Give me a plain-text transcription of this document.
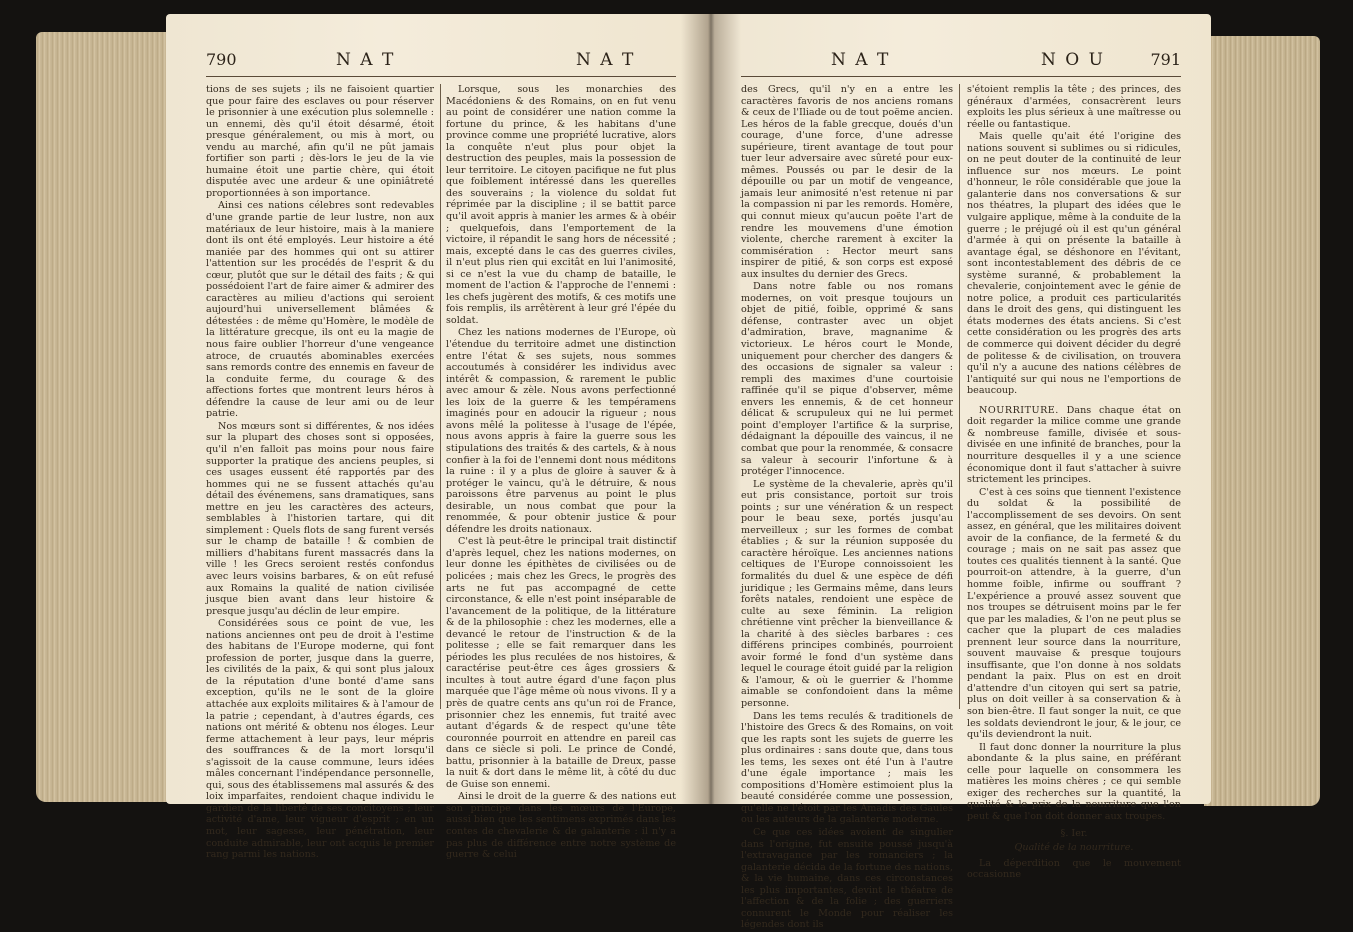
790	N A T	N A T

tions de ses sujets ; ils ne faisoient quartier que pour faire des esclaves ou pour réserver le prisonnier à une exécution plus solemnelle : un ennemi, dès qu'il étoit désarmé, étoit presque généralement, ou mis à mort, ou vendu au marché, afin qu'il ne pût jamais fortifier son parti ; dès-lors le jeu de la vie humaine étoit une partie chère, qui étoit disputée avec une ardeur & une opiniâtreté proportionnées à son importance.

Ainsi ces nations célebres sont redevables d'une grande partie de leur lustre, non aux matériaux de leur histoire, mais à la maniere dont ils ont été employés. Leur histoire a été maniée par des hommes qui ont su attirer l'attention sur les procédés de l'esprit & du cœur, plutôt que sur le détail des faits ; & qui possédoient l'art de faire aimer & admirer des caractères au milieu d'actions qui seroient aujourd'hui universellement blâmées & détestées : de même qu'Homère, le modèle de la littérature grecque, ils ont eu la magie de nous faire oublier l'horreur d'une vengeance atroce, de cruautés abominables exercées sans remords contre des ennemis en faveur de la conduite ferme, du courage & des affections fortes que montrent leurs héros à défendre la cause de leur ami ou de leur patrie.

Nos mœurs sont si différentes, & nos idées sur la plupart des choses sont si opposées, qu'il n'en falloit pas moins pour nous faire supporter la pratique des anciens peuples, si ces usages eussent été rapportés par des hommes qui ne se fussent attachés qu'au détail des événemens, sans dramatiques, sans mettre en jeu les caractères des acteurs, semblables à l'historien tartare, qui dit simplement : Quels flots de sang furent versés sur le champ de bataille ! & combien de milliers d'habitans furent massacrés dans la ville ! les Grecs seroient restés confondus avec leurs voisins barbares, & on eût refusé aux Romains la qualité de nation civilisée jusque bien avant dans leur histoire & presque jusqu'au déclin de leur empire.

Considérées sous ce point de vue, les nations anciennes ont peu de droit à l'estime des habitans de l'Europe moderne, qui font profession de porter, jusque dans la guerre, les civilités de la paix, & qui sont plus jaloux de la réputation d'une bonté d'ame sans exception, qu'ils ne le sont de la gloire attachée aux exploits militaires & à l'amour de la patrie ; cependant, à d'autres égards, ces nations ont mérité & obtenu nos éloges. Leur ferme attachement à leur pays, leur mépris des souffrances & de la mort lorsqu'il s'agissoit de la cause commune, leurs idées mâles concernant l'indépendance personnelle, qui, sous des établissemens mal assurés & des loix imparfaites, rendoient chaque individu le gardien de la liberté de ses concitoyens ; leur activité d'ame, leur vigueur d'esprit ; en un mot, leur sagesse, leur pénétration, leur conduite admirable, leur ont acquis le premier rang parmi les nations.

Lorsque, sous les monarchies des Macédoniens & des Romains, on en fut venu au point de considérer une nation comme la fortune du prince, & les habitans d'une province comme une propriété lucrative, alors la conquête n'eut plus pour objet la destruction des peuples, mais la possession de leur territoire. Le citoyen pacifique ne fut plus que foiblement intéressé dans les querelles des souverains ; la violence du soldat fut réprimée par la discipline ; il se battit parce qu'il avoit appris à manier les armes & à obéir ; quelquefois, dans l'emportement de la victoire, il répandit le sang hors de nécessité ; mais, excepté dans le cas des guerres civiles, il n'eut plus rien qui excitât en lui l'animosité, si ce n'est la vue du champ de bataille, le moment de l'action & l'approche de l'ennemi : les chefs jugèrent des motifs, & ces motifs une fois remplis, ils arrêtèrent à leur gré l'épée du soldat.

Chez les nations modernes de l'Europe, où l'étendue du territoire admet une distinction entre l'état & ses sujets, nous sommes accoutumés à considérer les individus avec intérêt & compassion, & rarement le public avec amour & zèle. Nous avons perfectionné les loix de la guerre & les tempéramens imaginés pour en adoucir la rigueur ; nous avons mêlé la politesse à l'usage de l'épée, nous avons appris à faire la guerre sous les stipulations des traités & des cartels, & à nous confier à la foi de l'ennemi dont nous méditons la ruine : il y a plus de gloire à sauver & à protéger le vaincu, qu'à le détruire, & nous paroissons être parvenus au point le plus desirable, un nous combat que pour la renommée, & pour obtenir justice & pour défendre les droits nationaux.

C'est là peut-être le principal trait distinctif d'après lequel, chez les nations modernes, on leur donne les épithètes de civilisées ou de policées ; mais chez les Grecs, le progrès des arts ne fut pas accompagné de cette circonstance, & elle n'est point inséparable de l'avancement de la politique, de la littérature & de la philosophie : chez les modernes, elle a devancé le retour de l'instruction & de la politesse ; elle se fait remarquer dans les périodes les plus reculées de nos histoires, & caractérise peut-être ces âges grossiers & incultes à tout autre égard d'une façon plus marquée que l'âge même où nous vivons. Il y a près de quatre cents ans qu'un roi de France, prisonnier chez les ennemis, fut traité avec autant d'égards & de respect qu'une tête couronnée pourroit en attendre en pareil cas dans ce siècle si poli. Le prince de Condé, battu, prisonnier à la bataille de Dreux, passe la nuit & dort dans le même lit, à côté du duc de Guise son ennemi.

Ainsi le droit de la guerre & des nations eut son principe dans les mœurs de l'Europe, aussi bien que les sentimens exprimés dans les contes de chevalerie & de galanterie : il n'y a pas plus de différence entre notre système de guerre & celui

N A T	N O U	791

des Grecs, qu'il n'y en a entre les caractères favoris de nos anciens romans & ceux de l'Iliade ou de tout poëme ancien. Les héros de la fable grecque, doués d'un courage, d'une force, d'une adresse supérieure, tirent avantage de tout pour tuer leur adversaire avec sûreté pour eux-mêmes. Poussés ou par le desir de la dépouille ou par un motif de vengeance, jamais leur animosité n'est retenue ni par la compassion ni par les remords. Homère, qui connut mieux qu'aucun poëte l'art de rendre les mouvemens d'une émotion violente, cherche rarement à exciter la commisération : Hector meurt sans inspirer de pitié, & son corps est exposé aux insultes du dernier des Grecs.

Dans notre fable ou nos romans modernes, on voit presque toujours un objet de pitié, foible, opprimé & sans défense, contraster avec un objet d'admiration, brave, magnanime & victorieux. Le héros court le Monde, uniquement pour chercher des dangers & des occasions de signaler sa valeur : rempli des maximes d'une courtoisie raffinée qu'il se pique d'observer, même envers les ennemis, & de cet honneur délicat & scrupuleux qui ne lui permet point d'employer l'artifice & la surprise, dédaignant la dépouille des vaincus, il ne combat que pour la renommée, & consacre sa valeur à secourir l'infortune & à protéger l'innocence.

Le système de la chevalerie, après qu'il eut pris consistance, portoit sur trois points ; sur une vénération & un respect pour le beau sexe, portés jusqu'au merveilleux ; sur les formes de combat établies ; & sur la réunion supposée du caractère héroïque. Les anciennes nations celtiques de l'Europe connoissoient les formalités du duel & une espèce de défi juridique ; les Germains même, dans leurs forêts natales, rendoient une espèce de culte au sexe féminin. La religion chrétienne vint prêcher la bienveillance & la charité à des siècles barbares : ces différens principes combinés, pourroient avoir formé le fond d'un système dans lequel le courage étoit guidé par la religion & l'amour, & où le guerrier & l'homme aimable se confondoient dans la même personne.

Dans les tems reculés & traditionels de l'histoire des Grecs & des Romains, on voit que les rapts sont les sujets de guerre les plus ordinaires : sans doute que, dans tous les tems, les sexes ont été l'un à l'autre d'une égale importance ; mais les compositions d'Homère estimoient plus la beauté considérée comme une possession, qu'elle ne l'étoit par les Amadis des Gaules ou les auteurs de la galanterie moderne.

Ce que ces idées avoient de singulier dans l'origine, fut ensuite poussé jusqu'à l'extravagance par les romanciers ; la galanterie décida de la fortune des nations, & la vie humaine, dans ces circonstances les plus importantes, devint le théatre de l'affection & de la folie ; des guerriers connurent le Monde pour réaliser les légendes dont ils

s'étoient remplis la tête ; des princes, des généraux d'armées, consacrèrent leurs exploits les plus sérieux à une maîtresse ou réelle ou fantastique.

Mais quelle qu'ait été l'origine des nations souvent si sublimes ou si ridicules, on ne peut douter de la continuité de leur influence sur nos mœurs. Le point d'honneur, le rôle considérable que joue la galanterie dans nos conversations & sur nos théatres, la plupart des idées que le vulgaire applique, même à la conduite de la guerre ; le préjugé où il est qu'un général d'armée à qui on présente la bataille à avantage égal, se déshonore en l'évitant, sont incontestablement des débris de ce système suranné, & probablement la chevalerie, conjointement avec le génie de notre police, a produit ces particularités dans le droit des gens, qui distinguent les états modernes des états anciens. Si c'est cette considération ou les progrès des arts de commerce qui doivent décider du degré de politesse & de civilisation, on trouvera qu'il n'y a aucune des nations célèbres de l'antiquité sur qui nous ne l'emportions de beaucoup.

NOURRITURE. Dans chaque état on doit regarder la milice comme une grande & nombreuse famille, divisée et sous-divisée en une infinité de branches, pour la nourriture desquelles il y a une science économique dont il faut s'attacher à suivre strictement les principes.

C'est à ces soins que tiennent l'existence du soldat & la possibilité de l'accomplissement de ses devoirs. On sent assez, en général, que les militaires doivent avoir de la confiance, de la fermeté & du courage ; mais on ne sait pas assez que toutes ces qualités tiennent à la santé. Que pourroit-on attendre, à la guerre, d'un homme foible, infirme ou souffrant ? L'expérience a prouvé assez souvent que nos troupes se détruisent moins par le fer que par les maladies, & l'on ne peut plus se cacher que la plupart de ces maladies prennent leur source dans la nourriture, souvent mauvaise & presque toujours insuffisante, que l'on donne à nos soldats pendant la paix. Plus on est en droit d'attendre d'un citoyen qui sert sa patrie, plus on doit veiller à sa conservation & à son bien-être. Il faut songer la nuit, ce que les soldats deviendront le jour, & le jour, ce qu'ils deviendront la nuit.

Il faut donc donner la nourriture la plus abondante & la plus saine, en préférant celle pour laquelle on consommera les matières les moins chères ; ce qui semble exiger des recherches sur la quantité, la qualité & le prix de la nourriture que l'on peut & que l'on doit donner aux troupes.

§. Ier.

Qualité de la nourriture.

La déperdition que le mouvement occasionne
